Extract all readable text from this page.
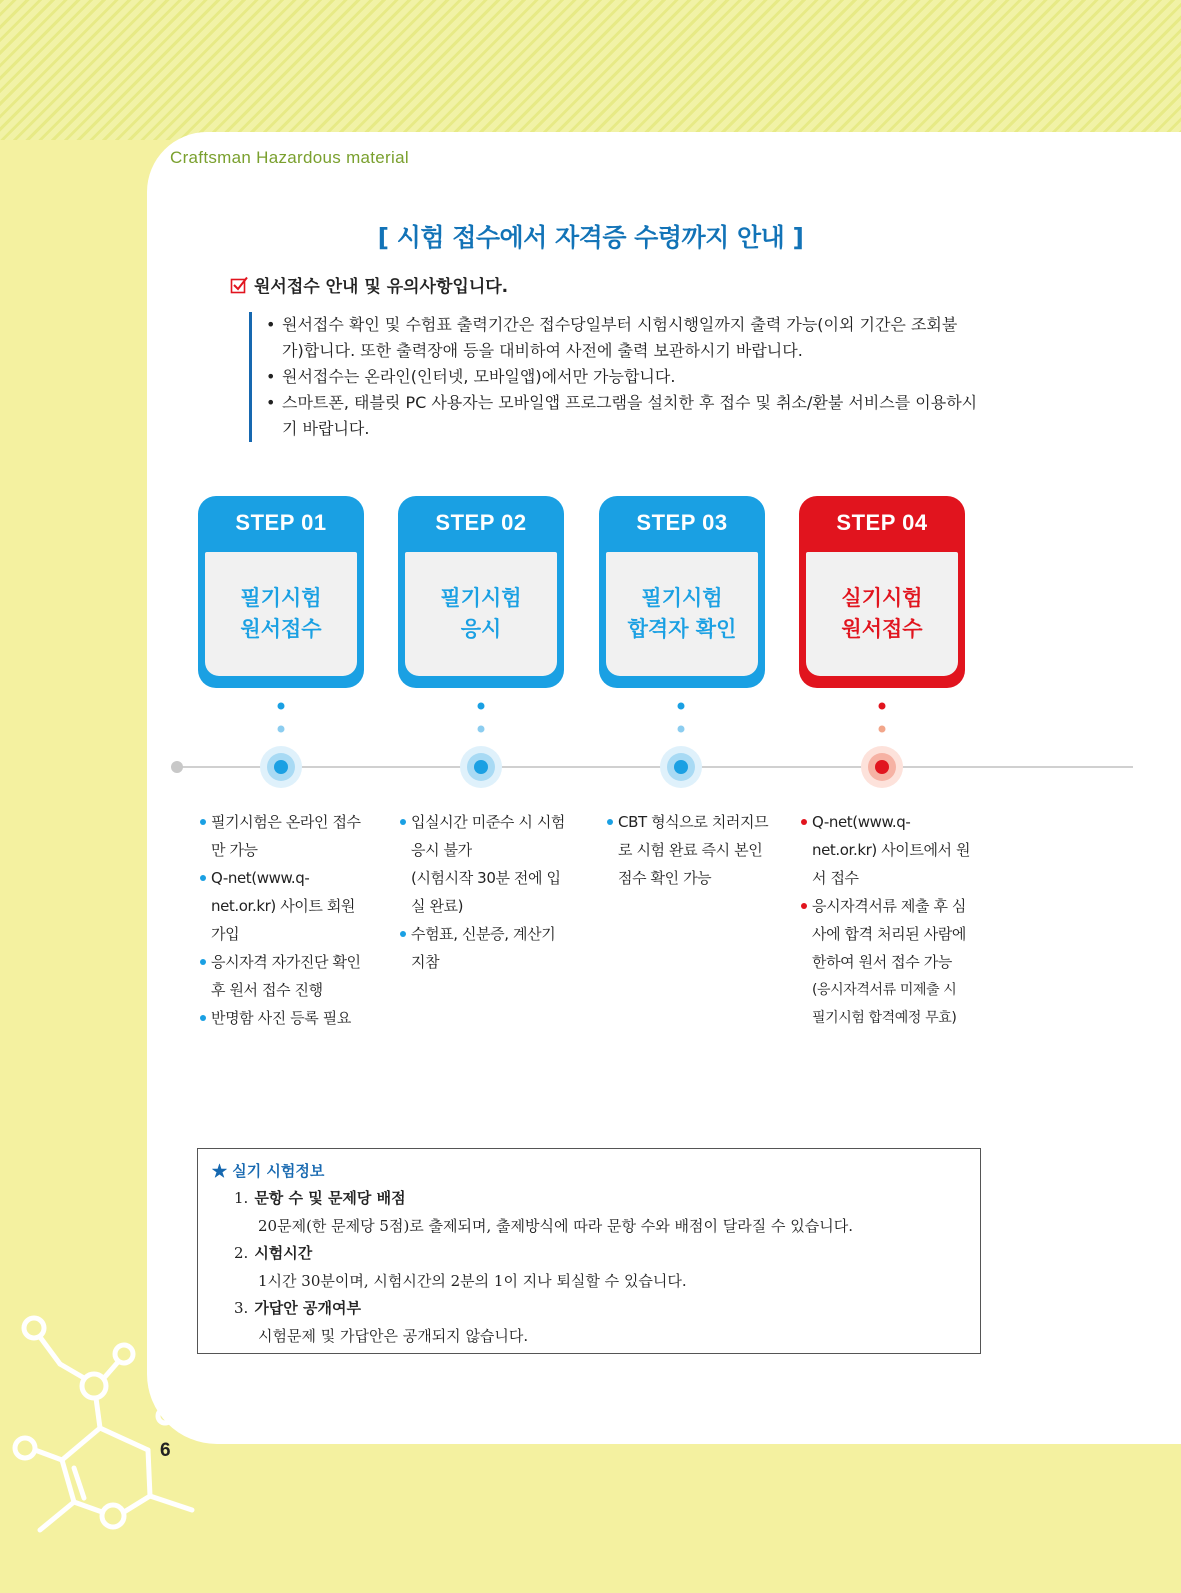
Craftsman Hazardous material
[ 시험 접수에서 자격증 수령까지 안내 ]
원서접수 안내 및 유의사항입니다.
• 원서접수 확인 및 수험표 출력기간은 접수당일부터 시험시행일까지 출력 가능(이외 기간은 조회불가)합니다. 또한 출력장애 등을 대비하여 사전에 출력 보관하시기 바랍니다.
• 원서접수는 온라인(인터넷, 모바일앱)에서만 가능합니다.
• 스마트폰, 태블릿 PC 사용자는 모바일앱 프로그램을 설치한 후 접수 및 취소/환불 서비스를 이용하시기 바랍니다.
STEP 01
필기시험
원서접수
STEP 02
필기시험
응시
STEP 03
필기시험
합격자 확인
STEP 04
실기시험
원서접수
필기시험은 온라인 접수만 가능
Q-net(www.q-net.or.kr) 사이트 회원 가입
응시자격 자가진단 확인 후 원서 접수 진행
반명함 사진 등록 필요
입실시간 미준수 시 시험 응시 불가
(시험시작 30분 전에 입실 완료)
수험표, 신분증, 계산기 지참
CBT 형식으로 치러지므로 시험 완료 즉시 본인 점수 확인 가능
Q-net(www.q-net.or.kr) 사이트에서 원서 접수
응시자격서류 제출 후 심사에 합격 처리된 사람에 한하여 원서 접수 가능
(응시자격서류 미제출 시 필기시험 합격예정 무효)
★ 실기 시험정보
1. 문항 수 및 문제당 배점
20문제(한 문제당 5점)로 출제되며, 출제방식에 따라 문항 수와 배점이 달라질 수 있습니다.
2. 시험시간
1시간 30분이며, 시험시간의 2분의 1이 지나 퇴실할 수 있습니다.
3. 가답안 공개여부
시험문제 및 가답안은 공개되지 않습니다.
6
